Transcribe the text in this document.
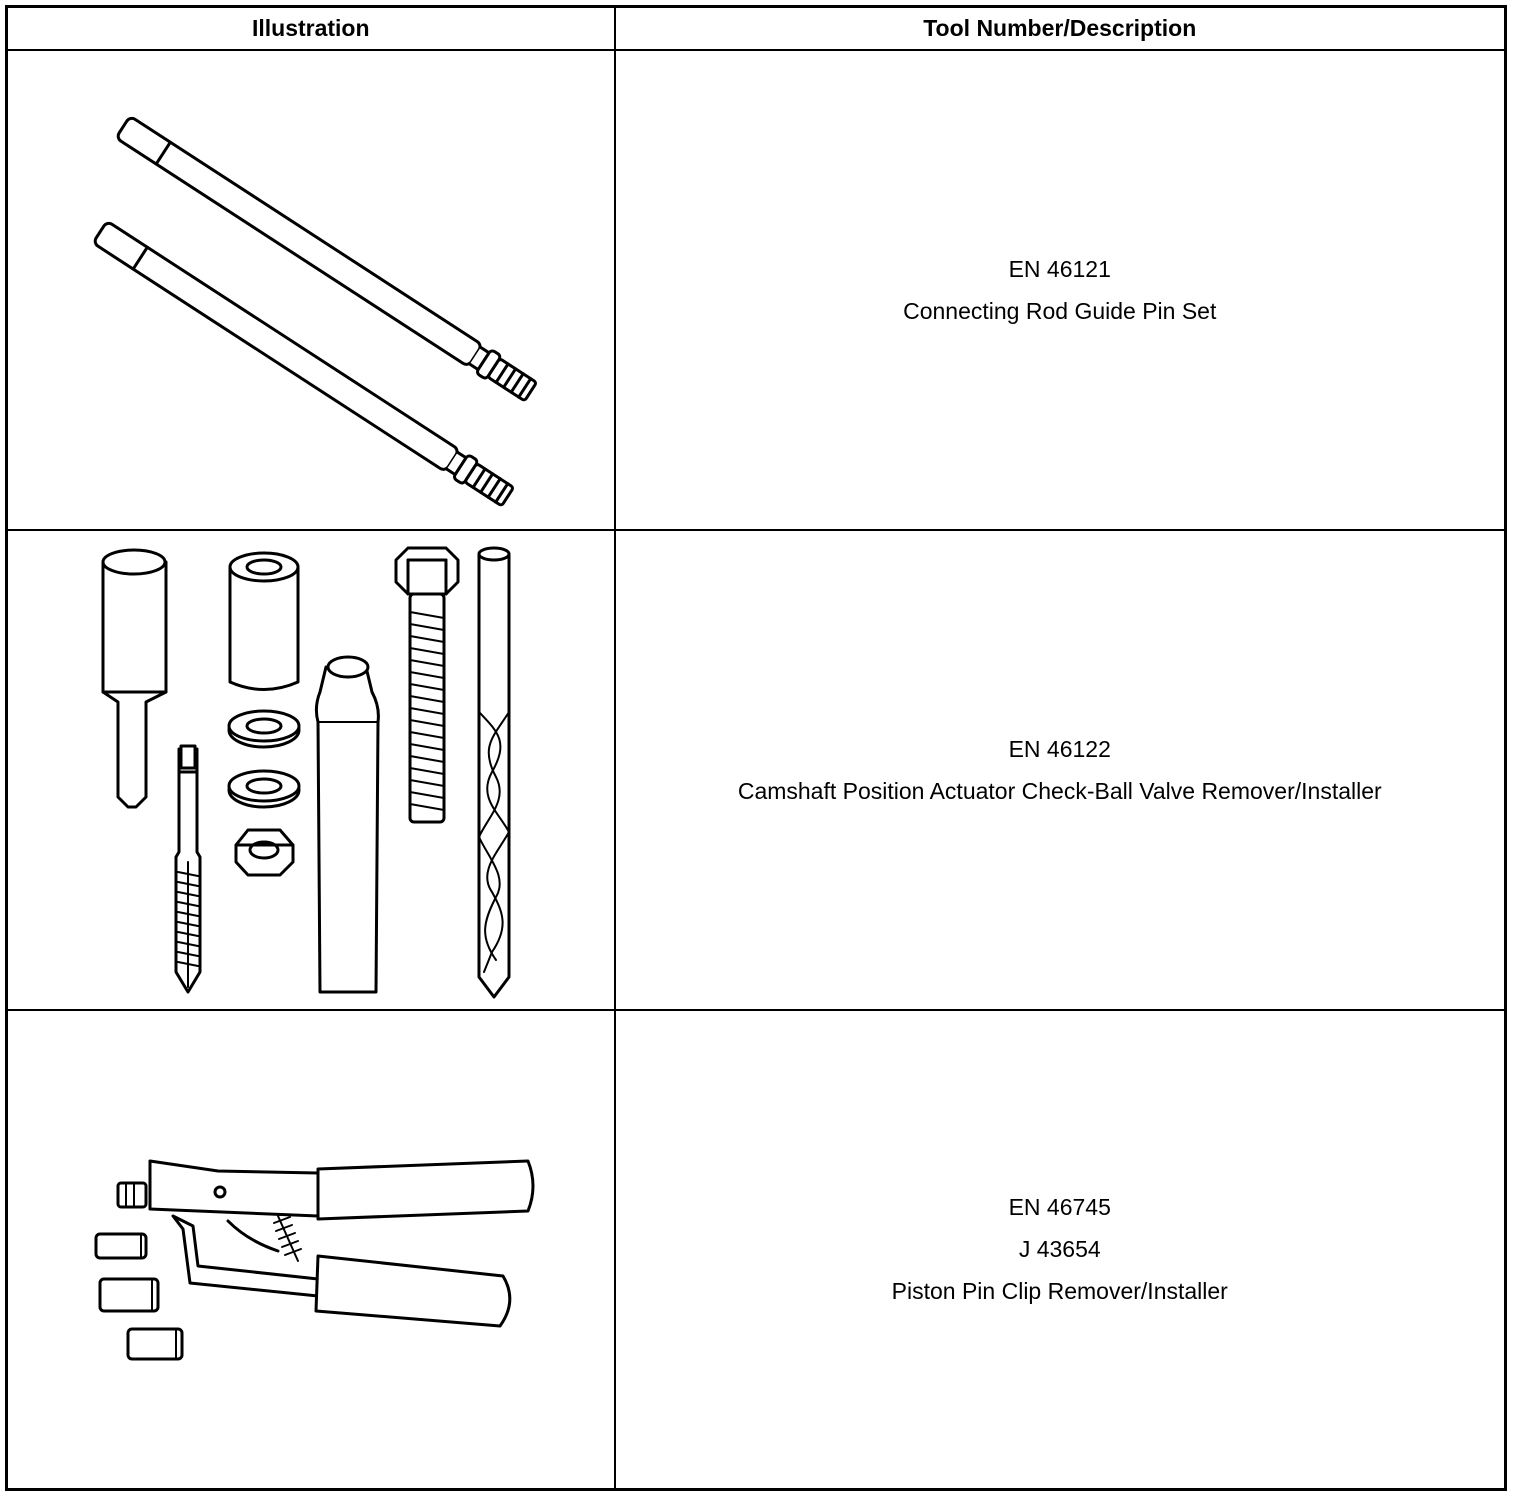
Illustration	Tool Number/Description

EN 46121
Connecting Rod Guide Pin Set

EN 46122
Camshaft Position Actuator Check-Ball Valve Remover/Installer

EN 46745
J 43654
Piston Pin Clip Remover/Installer
